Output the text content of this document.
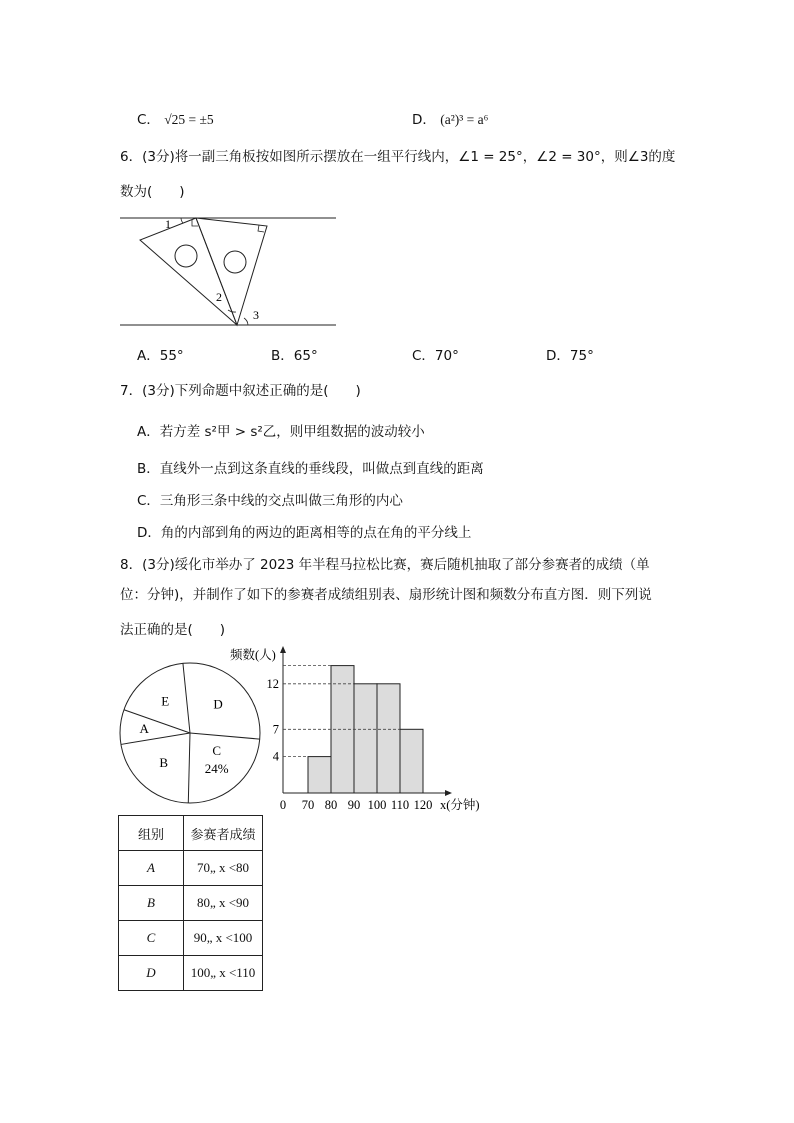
C． √25 = ±5	D． (a²)³ = a⁶
6．(3分)将一副三角板按如图所示摆放在一组平行线内，∠1 = 25°，∠2 = 30°，则∠3的度
数为(　　)
1
2
3
A．55°	B．65°	C．70°	D．75°
7．(3分)下列命题中叙述正确的是(　　)
A．若方差 s²甲 > s²乙，则甲组数据的波动较小
B．直线外一点到这条直线的垂线段，叫做点到直线的距离
C．三角形三条中线的交点叫做三角形的内心
D．角的内部到角的两边的距离相等的点在角的平分线上
8．(3分)绥化市举办了 2023 年半程马拉松比赛，赛后随机抽取了部分参赛者的成绩（单
位：分钟)，并制作了如下的参赛者成绩组别表、扇形统计图和频数分布直方图．则下列说
法正确的是(　　)
C
24%
B
A
E	D
4
7
12
0 70 80 90 100 110 120
频数(人)
x(分钟)
组别	参赛者成绩
A	70„ x <80
B	80„ x <90
C	90„ x <100
D	100„ x <110
